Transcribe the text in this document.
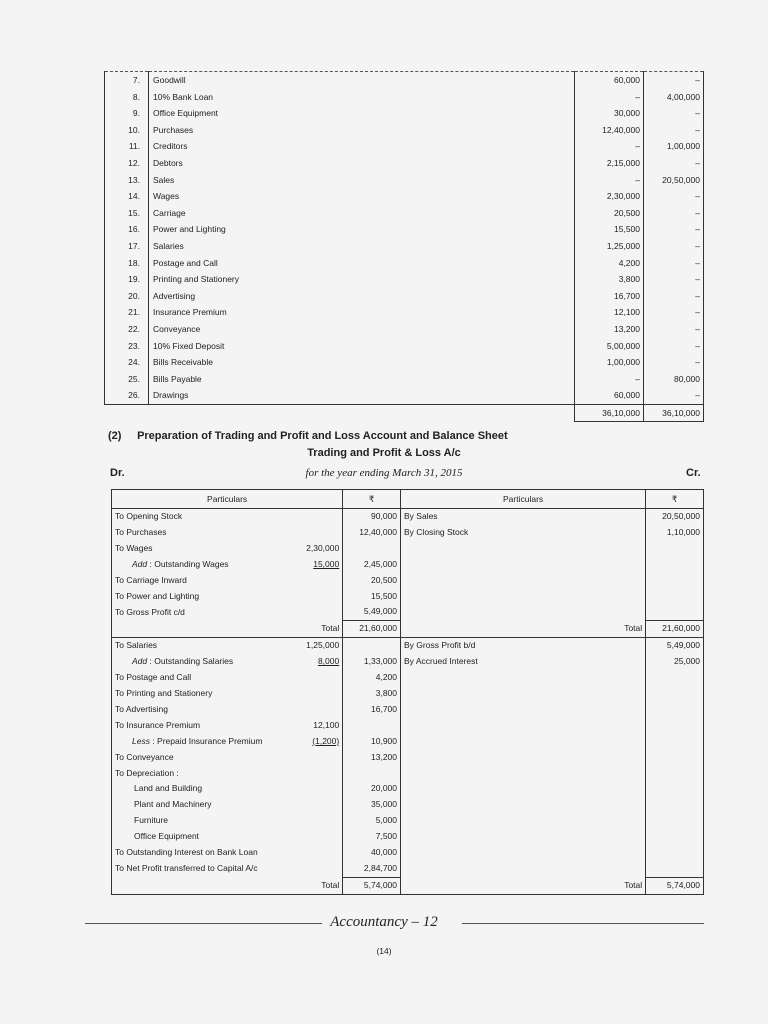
7.	Goodwill	60,000	–
8.	10% Bank Loan	–	4,00,000
9.	Office Equipment	30,000	–
10.	Purchases	12,40,000	–
11.	Creditors	–	1,00,000
12.	Debtors	2,15,000	–
13.	Sales	–	20,50,000
14.	Wages	2,30,000	–
15.	Carriage	20,500	–
16.	Power and Lighting	15,500	–
17.	Salaries	1,25,000	–
18.	Postage and Call	4,200	–
19.	Printing and Stationery	3,800	–
20.	Advertising	16,700	–
21.	Insurance Premium	12,100	–
22.	Conveyance	13,200	–
23.	10% Fixed Deposit	5,00,000	–
24.	Bills Receivable	1,00,000	–
25.	Bills Payable	–	80,000
26.	Drawings	60,000	–
		36,10,000	36,10,000
(2) Preparation of Trading and Profit and Loss Account and Balance Sheet
Trading and Profit & Loss A/c
Dr.	for the year ending March 31, 2015	Cr.
Particulars		₹	Particulars	₹
To Opening Stock		90,000	By Sales	20,50,000
To Purchases		12,40,000	By Closing Stock	1,10,000
To Wages	2,30,000			
Add : Outstanding Wages	15,000	2,45,000		
To Carriage Inward		20,500		
To Power and Lighting		15,500		
To Gross Profit c/d		5,49,000		
	Total	21,60,000	Total	21,60,000
To Salaries	1,25,000		By Gross Profit b/d	5,49,000
Add : Outstanding Salaries	8,000	1,33,000	By Accrued Interest	25,000
To Postage and Call		4,200		
To Printing and Stationery		3,800		
To Advertising		16,700		
To Insurance Premium	12,100			
Less : Prepaid Insurance Premium	(1,200)	10,900		
To Conveyance		13,200		
To Depreciation :				
Land and Building		20,000		
Plant and Machinery		35,000		
Furniture		5,000		
Office Equipment		7,500		
To Outstanding Interest on Bank Loan		40,000		
To Net Profit transferred to Capital A/c		2,84,700		
	Total	5,74,000	Total	5,74,000
Accountancy – 12
(14)
